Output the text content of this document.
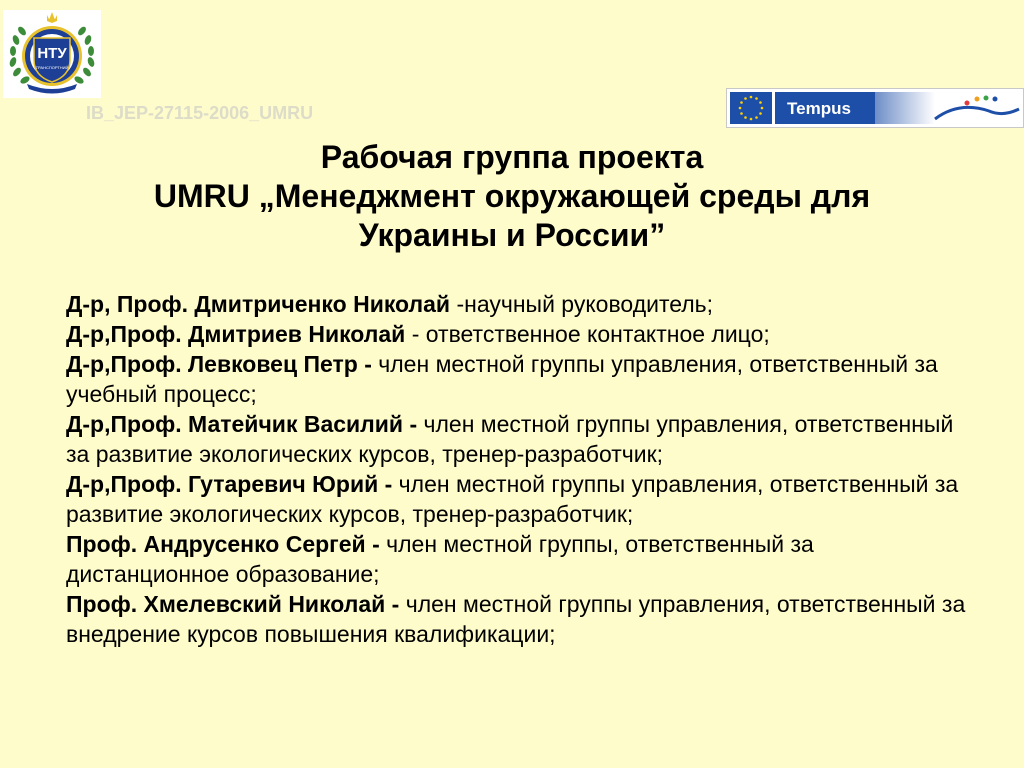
НТУ
ТРАНСПОРТНИЙ
IB_JEP-27115-2006_UMRU	Tempus
Рабочая группа проекта
UMRU „Менеджмент окружающей среды для
Украины и России”

Д-р, Проф. Дмитриченко Николай -научный руководитель;

Д-р,Проф. Дмитриев Николай - ответственное контактное лицо;

Д-р,Проф. Левковец Петр - член местной группы управления, ответственный за учебный процесс;

Д-р,Проф. Матейчик Василий - член местной группы управления, ответственный за развитие экологических курсов, тренер-разработчик;

Д-р,Проф. Гутаревич Юрий - член местной группы управления, ответственный за развитие экологических курсов, тренер-разработчик;

Проф. Андрусенко Сергей - член местной группы, ответственный за дистанционное образование;

Проф. Хмелевский Николай - член местной группы управления, ответственный за внедрение курсов повышения квалификации;
